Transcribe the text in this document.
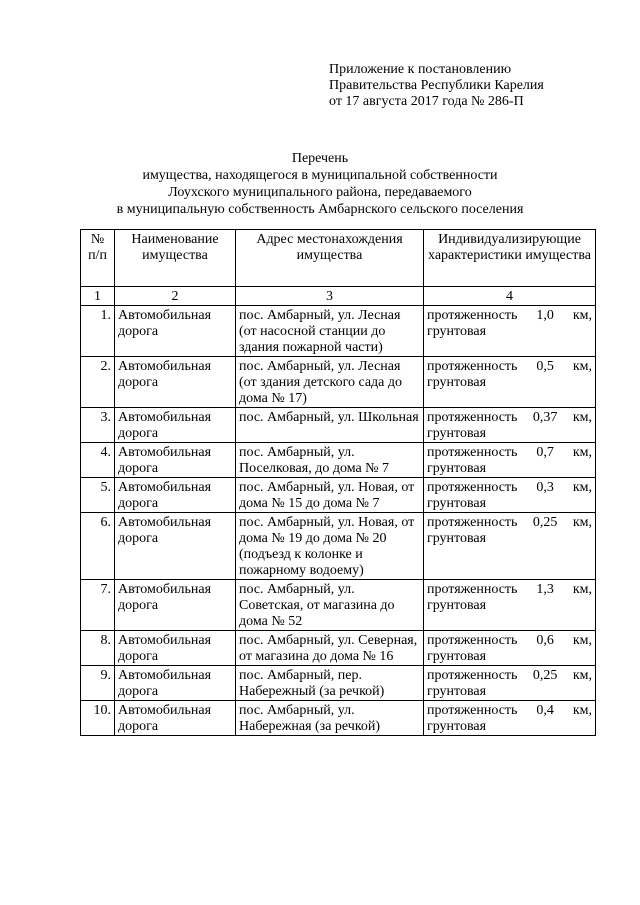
Приложение к постановлению
Правительства Республики Карелия
от 17 августа 2017 года № 286-П
Перечень
имущества, находящегося в муниципальной собственности
Лоухского муниципального района, передаваемого
в муниципальную собственность Амбарнского сельского поселения
№ п/п	Наименование имущества	Адрес местонахождения имущества	Индивидуализирующие характеристики имущества
1	2	3	4
1.	Автомобильная дорога	пос. Амбарный, ул. Лесная (от насосной станции до здания пожарной части)	протяженность 1,0 км,
грунтовая

2.	Автомобильная дорога	пос. Амбарный, ул. Лесная (от здания детского сада до дома № 17)	протяженность 0,5 км,
грунтовая

3.	Автомобильная дорога	пос. Амбарный, ул. Школьная	протяженность 0,37 км,
грунтовая

4.	Автомобильная дорога	пос. Амбарный, ул. Поселковая, до дома № 7	протяженность 0,7 км,
грунтовая

5.	Автомобильная дорога	пос. Амбарный, ул. Новая, от дома № 15 до дома № 7	протяженность 0,3 км,
грунтовая

6.	Автомобильная дорога	пос. Амбарный, ул. Новая, от дома № 19 до дома № 20 (подъезд к колонке и пожарному водоему)	протяженность 0,25 км,
грунтовая

7.	Автомобильная дорога	пос. Амбарный, ул. Советская, от магазина до дома № 52	протяженность 1,3 км,
грунтовая

8.	Автомобильная дорога	пос. Амбарный, ул. Северная, от магазина до дома № 16	протяженность 0,6 км,
грунтовая

9.	Автомобильная дорога	пос. Амбарный, пер. Набережный (за речкой)	протяженность 0,25 км,
грунтовая

10.	Автомобильная дорога	пос. Амбарный, ул. Набережная (за речкой)	протяженность 0,4 км,
грунтовая
